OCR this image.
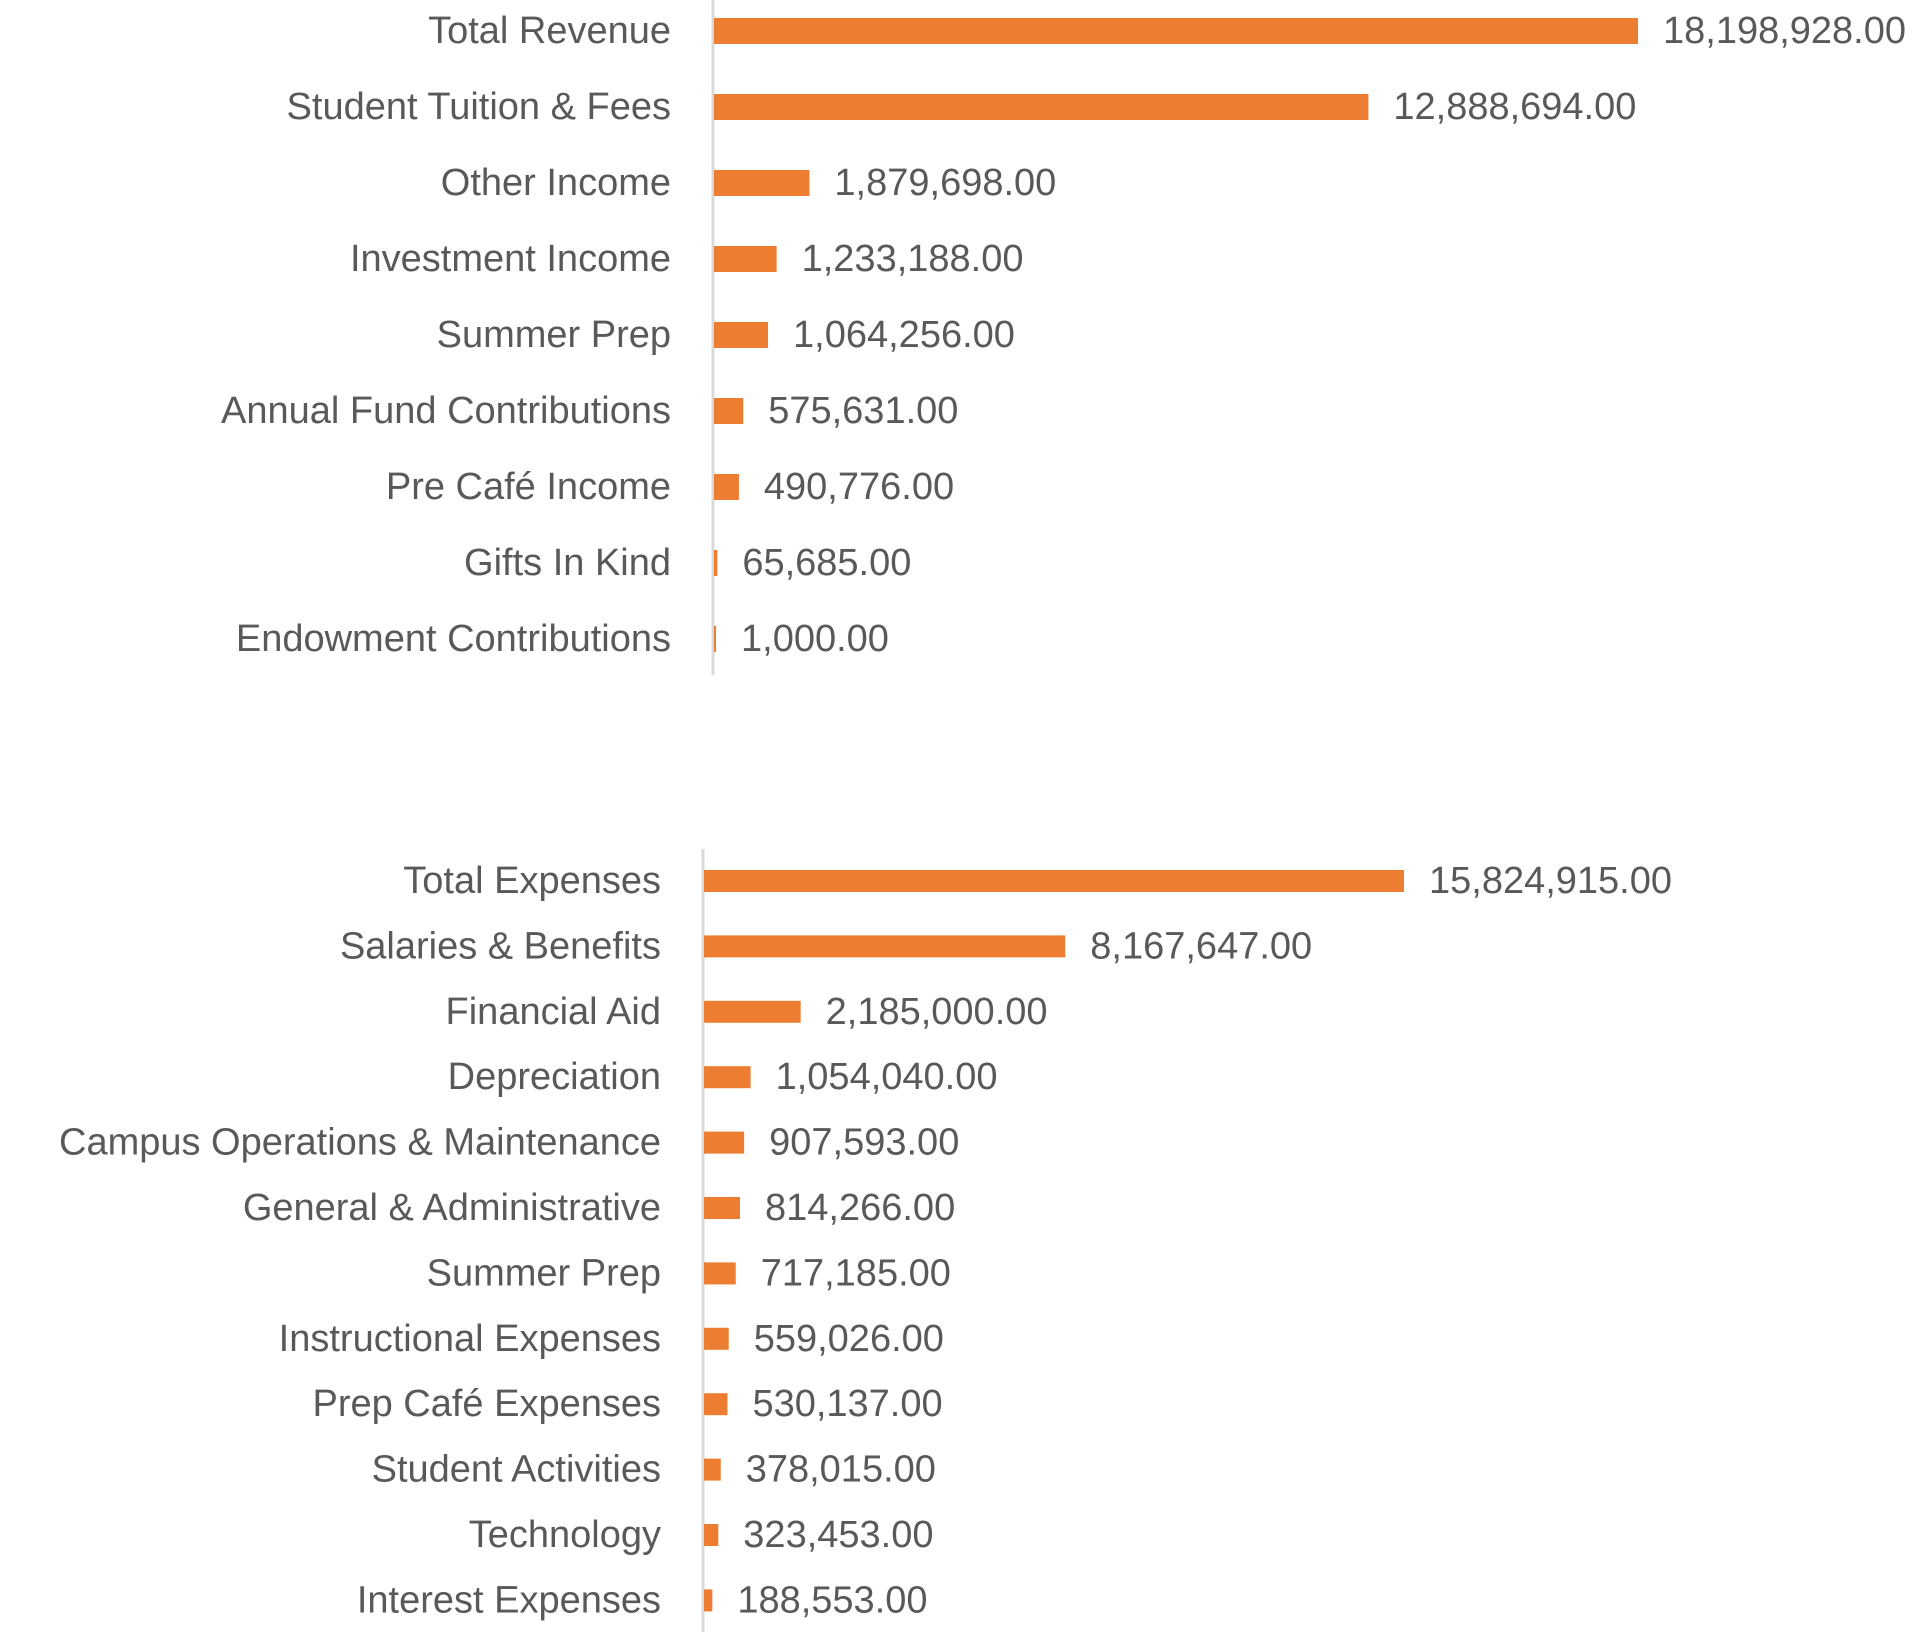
Total Revenue	18,198,928.00
Student Tuition & Fees	12,888,694.00
Other Income	1,879,698.00
Investment Income	1,233,188.00
Summer Prep	1,064,256.00
Annual Fund Contributions	575,631.00
Pre Café Income 490,776.00
Gifts In Kind 65,685.00
Endowment Contributions 1,000.00
Total Expenses	15,824,915.00
Salaries & Benefits	8,167,647.00
Financial Aid	2,185,000.00
Depreciation	1,054,040.00
Campus Operations & Maintenance	907,593.00
General & Administrative	814,266.00
Summer Prep	717,185.00
Instructional Expenses 559,026.00
Prep Café Expenses 530,137.00
Student Activities 378,015.00
Technology 323,453.00
Interest Expenses 188,553.00
